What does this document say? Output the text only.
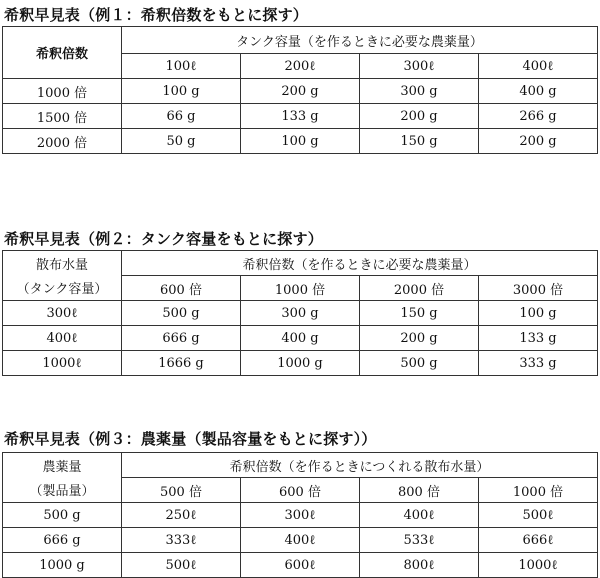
希釈早見表（例１：希釈倍数をもとに探す）
希釈倍数	タンク容量（を作るときに必要な農薬量）			
	100ℓ	200ℓ	300ℓ	400ℓ
1000 倍	100 g	200 g	300 g	400 g
1500 倍	66 g	133 g	200 g	266 g
2000 倍	50 g	100 g	150 g	200 g
希釈早見表（例２：タンク容量をもとに探す）
散布水量	希釈倍数（を作るときに必要な農薬量）			
（タンク容量）	600 倍	1000 倍	2000 倍	3000 倍
300ℓ	500 g	300 g	150 g	100 g
400ℓ	666 g	400 g	200 g	133 g
1000ℓ	1666 g	1000 g	500 g	333 g
希釈早見表（例３：農薬量（製品容量をもとに探す））
農薬量	希釈倍数（を作るときにつくれる散布水量）			
（製品量）	500 倍	600 倍	800 倍	1000 倍
500 g	250ℓ	300ℓ	400ℓ	500ℓ
666 g	333ℓ	400ℓ	533ℓ	666ℓ
1000 g	500ℓ	600ℓ	800ℓ	1000ℓ
